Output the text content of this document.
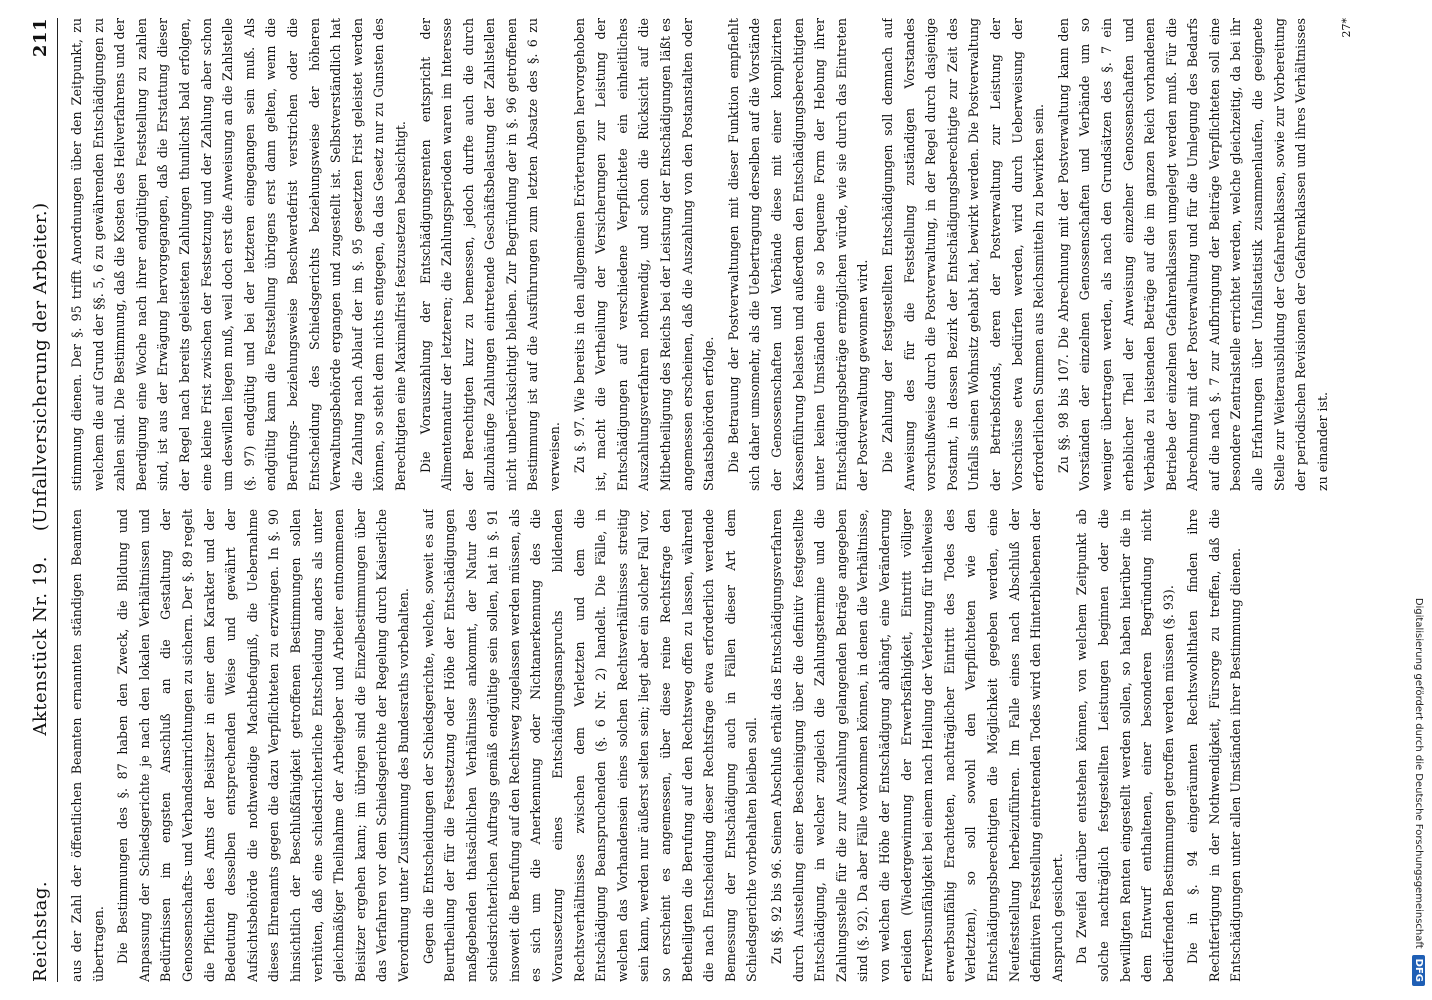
Reichstag.
Aktenstück Nr. 19.    (Unfallversicherung der Arbeiter.)
211

aus der Zahl der öffentlichen Beamten ernannten ständigen Beamten übertragen. Die Bestimmungen des §. 87 haben den Zweck, die Bildung und Anpassung der Schiedsgerichte je nach den lokalen Verhältnissen und Bedürfnissen im engsten Anschluß an die Gestaltung der Genossenschafts- und Verbandseinrichtungen zu sichern. Der §. 89 regelt die Pflichten des Amts der Beisitzer in einer dem Karakter und der Bedeutung desselben entsprechenden Weise und gewährt der Aufsichtsbehörde die nothwendige Machtbefugniß, die Uebernahme dieses Ehrenamts gegen die dazu Verpflichteten zu erzwingen. In §. 90 hinsichtlich der Beschlußfähigkeit getroffenen Bestimmungen sollen verhüten, daß eine schiedsrichterliche Entscheidung anders als unter gleichmäßiger Theilnahme der Arbeitgeber und Arbeiter entnommenen Beisitzer ergehen kann; im übrigen sind die Einzelbestimmungen über das Verfahren vor dem Schiedsgerichte der Regelung durch Kaiserliche Verordnung unter Zustimmung des Bundesraths vorbehalten. Gegen die Entscheidungen der Schiedsgerichte, welche, soweit es auf Beurtheilung der für die Festsetzung oder Höhe der Entschädigungen maßgebenden thatsächlichen Verhältnisse ankommt, der Natur des schiedsrichterlichen Auftrags gemäß endgültige sein sollen, hat in §. 91 insoweit die Berufung auf den Rechtsweg zugelassen werden müssen, als es sich um die Anerkennung oder Nichtanerkennung des die Voraussetzung eines Entschädigungsanspruchs bildenden Rechtsverhältnisses zwischen dem Verletzten und dem die Entschädigung Beanspruchenden (§. 6 Nr. 2) handelt. Die Fälle, in welchen das Vorhandensein eines solchen Rechtsverhältnisses streitig sein kann, werden nur äußerst selten sein; liegt aber ein solcher Fall vor, so erscheint es angemessen, über diese reine Rechtsfrage den Betheiligten die Berufung auf den Rechtsweg offen zu lassen, während die nach Entscheidung dieser Rechtsfrage etwa erforderlich werdende Bemessung der Entschädigung auch in Fällen dieser Art dem Schiedsgerichte vorbehalten bleiben soll. Zu §§. 92 bis 96. Seinen Abschluß erhält das Entschädigungsverfahren durch Ausstellung einer Bescheinigung über die definitiv festgestellte Entschädigung, in welcher zugleich die Zahlungstermine und die Zahlungsstelle für die zur Auszahlung gelangenden Beträge angegeben sind (§. 92). Da aber Fälle vorkommen können, in denen die Verhältnisse, von welchen die Höhe der Entschädigung abhängt, eine Veränderung erleiden (Wiedergewinnung der Erwerbsfähigkeit, Eintritt völliger Erwerbsunfähigkeit bei einem nach Heilung der Verletzung für theilweise erwerbsunfähig Erachteten, nachträglicher Eintritt des Todes des Verletzten), so soll sowohl den Verpflichteten wie den Entschädigungsberechtigten die Möglichkeit gegeben werden, eine Neufeststellung herbeizuführen. Im Falle eines nach Abschluß der definitiven Feststellung eintretenden Todes wird den Hinterbliebenen der Anspruch gesichert. Da Zweifel darüber entstehen können, von welchem Zeitpunkt ab solche nachträglich festgestellten Leistungen beginnen oder die bewilligten Renten eingestellt werden sollen, so haben hierüber die in dem Entwurf enthaltenen, einer besonderen Begründung nicht bedürfenden Bestimmungen getroffen werden müssen (§. 93). Die in §. 94 eingeräumten Rechtswohlthaten finden ihre Rechtfertigung in der Nothwendigkeit, Fürsorge zu treffen, daß die Entschädigungen unter allen Umständen ihrer Bestimmung dienen.

stimmung dienen. Der §. 95 trifft Anordnungen über den Zeitpunkt, zu welchem die auf Grund der §§. 5, 6 zu gewährenden Entschädigungen zu zahlen sind. Die Bestimmung, daß die Kosten des Heilverfahrens und der Beerdigung eine Woche nach ihrer endgültigen Feststellung zu zahlen sind, ist aus der Erwägung hervorgegangen, daß die Erstattung dieser der Regel nach bereits geleisteten Zahlungen thunlichst bald erfolgen, eine kleine Frist zwischen der Festsetzung und der Zahlung aber schon um deswillen liegen muß, weil doch erst die Anweisung an die Zahlstelle (§. 97) endgültig und bei der letzteren eingegangen sein muß. Als endgültig kann die Feststellung übrigens erst dann gelten, wenn die Berufungs- beziehungsweise Beschwerdefrist verstrichen oder die Entscheidung des Schiedsgerichts beziehungsweise der höheren Verwaltungsbehörde ergangen und zugestellt ist. Selbstverständlich hat die Zahlung nach Ablauf der im §. 95 gesetzten Frist geleistet werden können, so steht dem nichts entgegen, da das Gesetz nur zu Gunsten des Berechtigten eine Maximalfrist festzusetzen beabsichtigt. Die Vorauszahlung der Entschädigungsrenten entspricht der Alimentennatur der letzteren; die Zahlungsperioden waren im Interesse der Berechtigten kurz zu bemessen, jedoch durfte auch die durch allzuhäufige Zahlungen eintretende Geschäftsbelastung der Zahlstellen nicht unberücksichtigt bleiben. Zur Begründung der in §. 96 getroffenen Bestimmung ist auf die Ausführungen zum letzten Absatze des §. 6 zu verweisen. Zu §. 97. Wie bereits in den allgemeinen Erörterungen hervorgehoben ist, macht die Vertheilung der Versicherungen zur Leistung der Entschädigungen auf verschiedene Verpflichtete ein einheitliches Auszahlungsverfahren nothwendig, und schon die Rücksicht auf die Mitbetheiligung des Reichs bei der Leistung der Entschädigungen läßt es angemessen erscheinen, daß die Auszahlung von den Postanstalten oder Staatsbehörden erfolge. Die Betrauung der Postverwaltungen mit dieser Funktion empfiehlt sich daher umsomehr, als die Uebertragung derselben auf die Vorstände der Genossenschaften und Verbände diese mit einer komplizirten Kassenführung belasten und außerdem den Entschädigungsberechtigten unter keinen Umständen eine so bequeme Form der Hebung ihrer Entschädigungsbeträge ermöglichen würde, wie sie durch das Eintreten der Postverwaltung gewonnen wird. Die Zahlung der festgestellten Entschädigungen soll demnach auf Anweisung des für die Feststellung zuständigen Vorstandes vorschußweise durch die Postverwaltung, in der Regel durch dasjenige Postamt, in dessen Bezirk der Entschädigungsberechtigte zur Zeit des Unfalls seinen Wohnsitz gehabt hat, bewirkt werden. Die Postverwaltung der Betriebsfonds, deren der Postverwaltung zur Leistung der Vorschüsse etwa bedürfen werden, wird durch Ueberweisung der erforderlichen Summen aus Reichsmitteln zu bewirken sein. Zu §§. 98 bis 107. Die Abrechnung mit der Postverwaltung kann den Vorständen der einzelnen Genossenschaften und Verbände um so weniger übertragen werden, als nach den Grundsätzen des §. 7 ein erheblicher Theil der Anweisung einzelner Genossenschaften und Verbände zu leistenden Beträge auf die im ganzen Reich vorhandenen Betriebe der einzelnen Gefahrenklassen umgelegt werden muß. Für die Abrechnung mit der Postverwaltung und für die Umlegung des Bedarfs auf die nach §. 7 zur Aufbringung der Beiträge Verpflichteten soll eine besondere Zentralstelle errichtet werden, welche gleichzeitig, da bei ihr alle Erfahrungen über Unfallstatistik zusammenlaufen, die geeignete Stelle zur Weiterausbildung der Gefahrenklassen, sowie zur Vorbereitung der periodischen Revisionen der Gefahrenklassen und ihres Verhältnisses zu einander ist.

27*
Digitalisierung gefördert durch die Deutsche Forschungsgemeinschaft
DFG
